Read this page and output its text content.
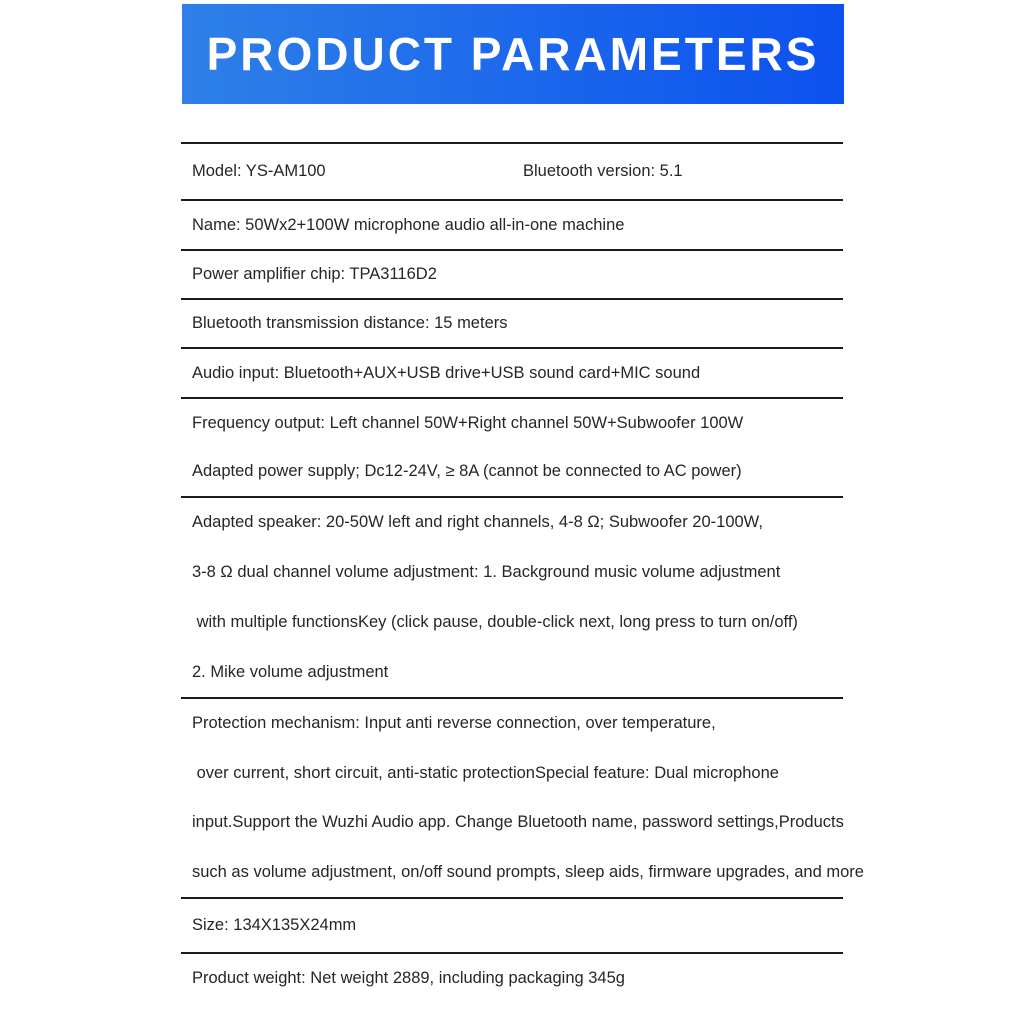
PRODUCT PARAMETERS
Model: YS-AM100	Bluetooth version: 5.1
Name: 50Wx2+100W microphone audio all-in-one machine
Power amplifier chip: TPA3116D2
Bluetooth transmission distance: 15 meters
Audio input: Bluetooth+AUX+USB drive+USB sound card+MIC sound
Frequency output: Left channel 50W+Right channel 50W+Subwoofer 100W
Adapted power supply; Dc12-24V, ≥ 8A (cannot be connected to AC power)
Adapted speaker: 20-50W left and right channels, 4-8 Ω; Subwoofer 20-100W,
3-8 Ω dual channel volume adjustment: 1. Background music volume adjustment
with multiple functionsKey (click pause, double-click next, long press to turn on/off)
2. Mike volume adjustment
Protection mechanism: Input anti reverse connection, over temperature,
over current, short circuit, anti-static protectionSpecial feature: Dual microphone
input.Support the Wuzhi Audio app. Change Bluetooth name, password settings,Products
such as volume adjustment, on/off sound prompts, sleep aids, firmware upgrades, and more
Size: 134X135X24mm
Product weight: Net weight 2889, including packaging 345g
